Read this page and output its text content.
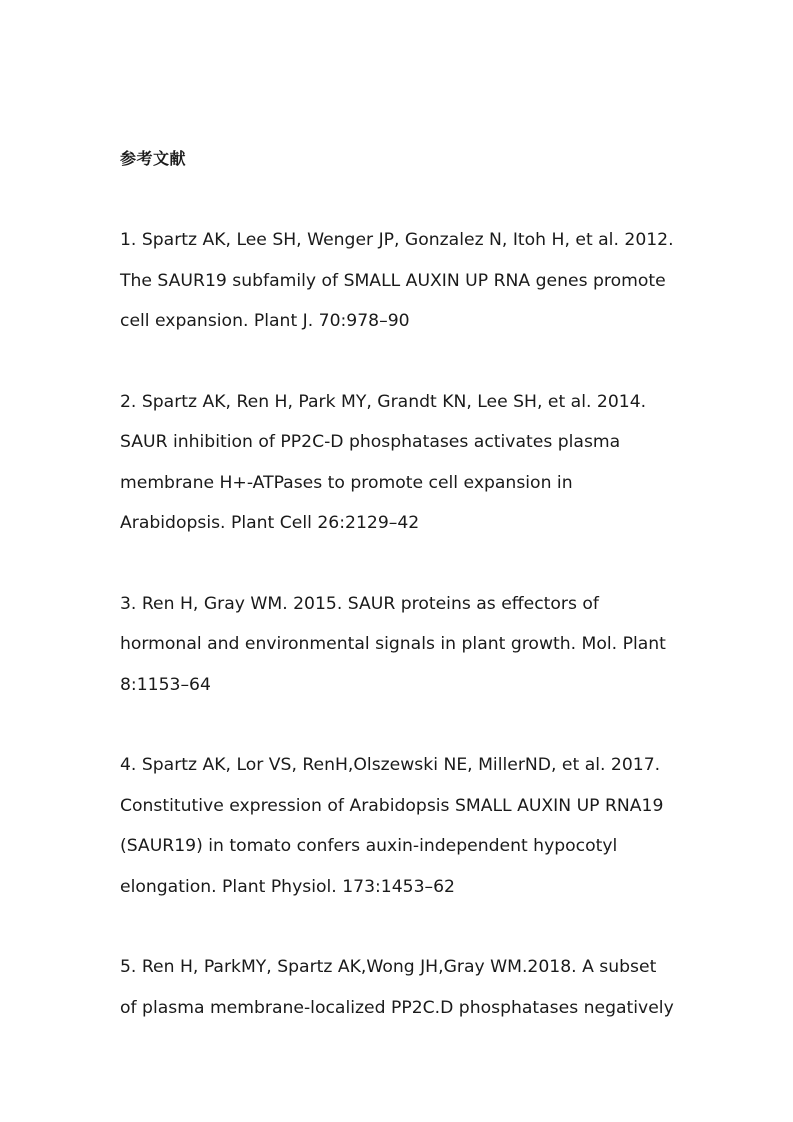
参考文献
1. Spartz AK, Lee SH, Wenger JP, Gonzalez N, Itoh H, et al. 2012.
The SAUR19 subfamily of SMALL AUXIN UP RNA genes promote
cell expansion. Plant J. 70:978–90
2. Spartz AK, Ren H, Park MY, Grandt KN, Lee SH, et al. 2014.
SAUR inhibition of PP2C-D phosphatases activates plasma
membrane H+-ATPases to promote cell expansion in
Arabidopsis. Plant Cell 26:2129–42
3. Ren H, Gray WM. 2015. SAUR proteins as effectors of
hormonal and environmental signals in plant growth. Mol. Plant
8:1153–64
4. Spartz AK, Lor VS, RenH,Olszewski NE, MillerND, et al. 2017.
Constitutive expression of Arabidopsis SMALL AUXIN UP RNA19
(SAUR19) in tomato confers auxin-independent hypocotyl
elongation. Plant Physiol. 173:1453–62
5. Ren H, ParkMY, Spartz AK,Wong JH,Gray WM.2018. A subset
of plasma membrane-localized PP2C.D phosphatases negatively
